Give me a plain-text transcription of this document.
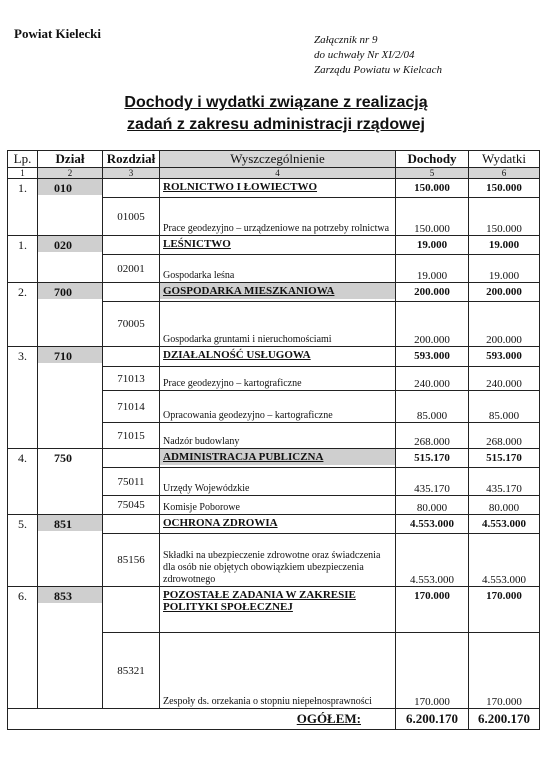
Powiat Kielecki	Załącznik nr 9
do uchwały Nr XI/2/04
Zarządu Powiatu w Kielcach
Dochody i wydatki związane z realizacją
zadań z zakresu administracji rządowej
Lp.	Dział	Rozdział	Wyszczególnienie	Dochody	Wydatki
1	2	3	4	5	6
1.	010		ROLNICTWO I ŁOWIECTWO	150.000	150.000
		01005	Prace geodezyjno – urządzeniowe na potrzeby rolnictwa	150.000	150.000
1.	020		LEŚNICTWO	19.000	19.000
		02001	Gospodarka leśna	19.000	19.000
2.	700		GOSPODARKA MIESZKANIOWA	200.000	200.000
		70005	Gospodarka gruntami i nieruchomościami	200.000	200.000
3.	710		DZIAŁALNOŚĆ USŁUGOWA	593.000	593.000
		71013	Prace geodezyjno – kartograficzne	240.000	240.000
		71014	Opracowania geodezyjno – kartograficzne	85.000	85.000
		71015	Nadzór budowlany	268.000	268.000
4.	750		ADMINISTRACJA PUBLICZNA	515.170	515.170
		75011	Urzędy Wojewódzkie	435.170	435.170
		75045	Komisje Poborowe	80.000	80.000
5.	851		OCHRONA ZDROWIA	4.553.000	4.553.000
		85156	Składki na ubezpieczenie zdrowotne oraz świadczenia dla osób nie objętych obowiązkiem ubezpieczenia zdrowotnego	4.553.000	4.553.000
6.	853		POZOSTAŁE ZADANIA W ZAKRESIE POLITYKI SPOŁECZNEJ	170.000	170.000
		85321	Zespoły ds. orzekania o stopniu niepełnosprawności	170.000	170.000
OGÓŁEM:				6.200.170	6.200.170
